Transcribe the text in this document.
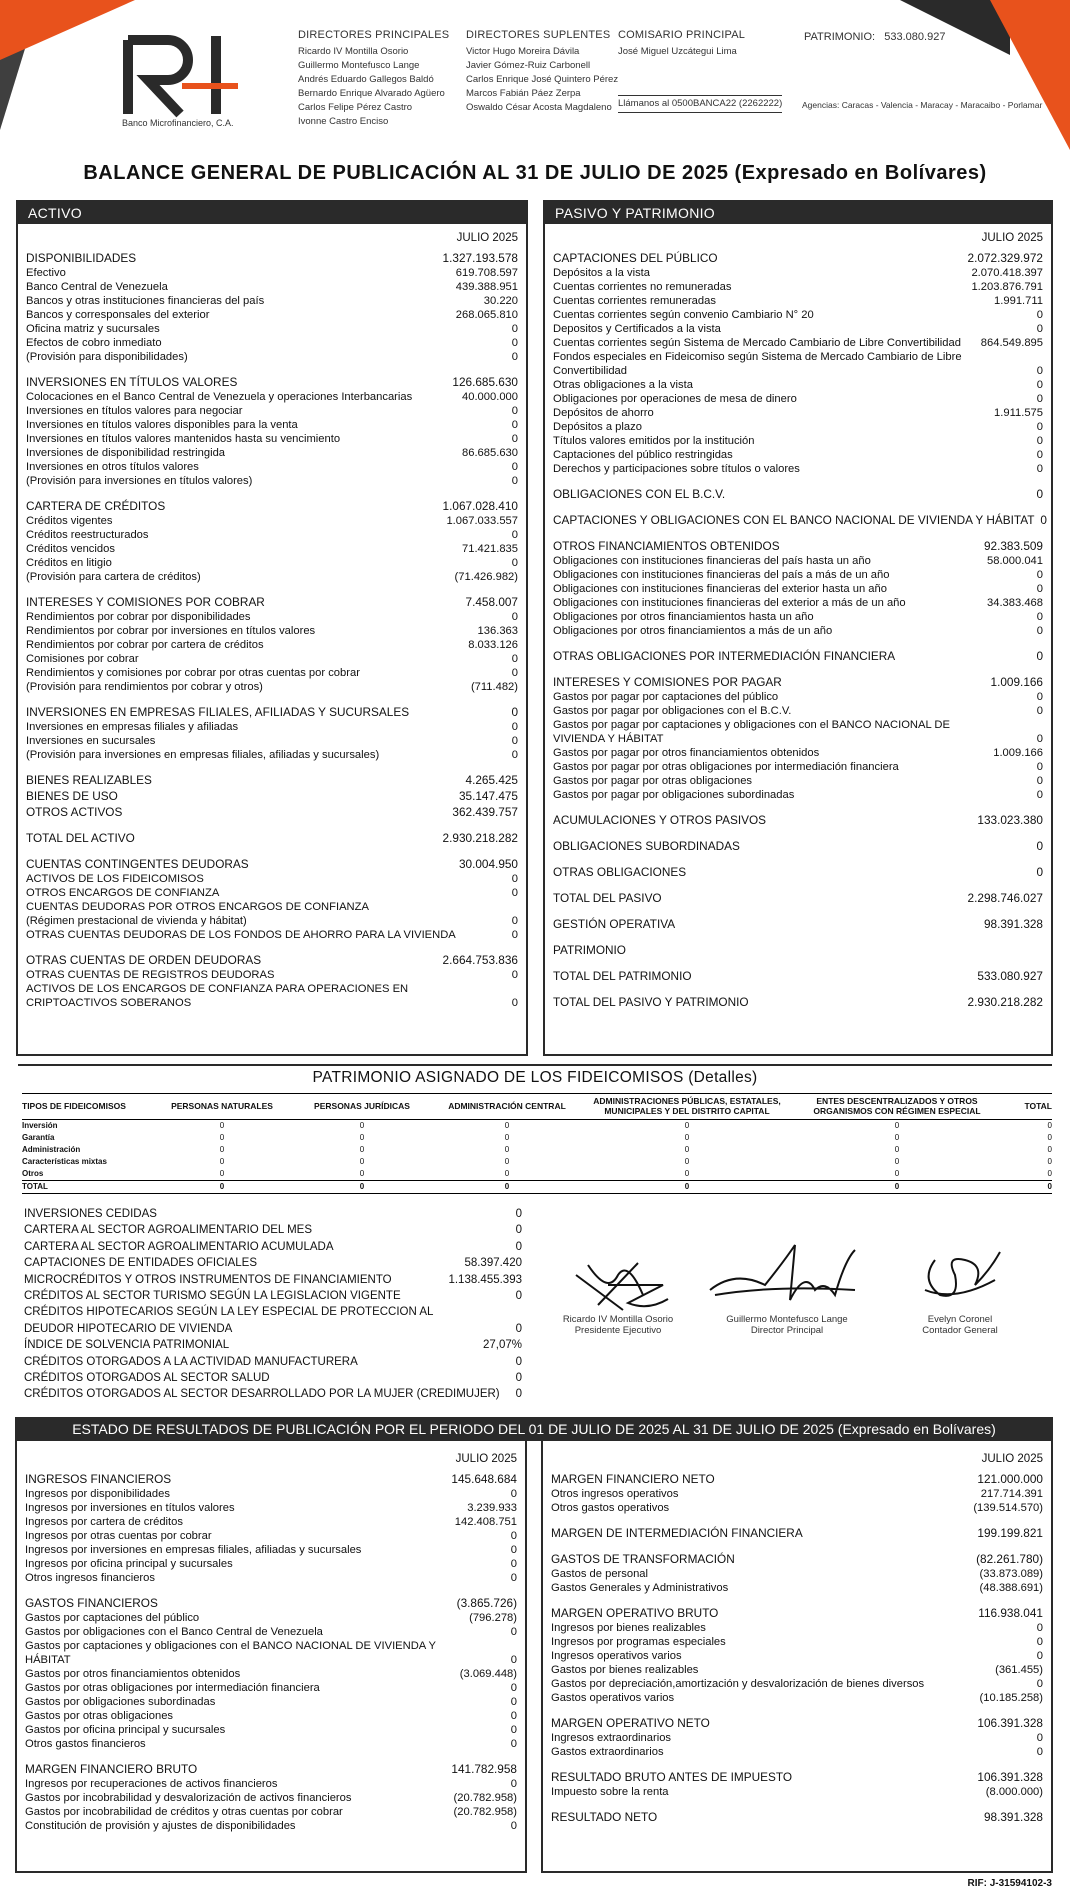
Banco Microfinanciero, C.A.
DIRECTORES PRINCIPALES
Ricardo IV Montilla Osorio
Guillermo Montefusco Lange
Andrés Eduardo Gallegos Baldó
Bernardo Enrique Alvarado Agüero
Carlos Felipe Pérez Castro
Ivonne Castro Enciso
DIRECTORES SUPLENTES
Victor Hugo Moreira Dávila
Javier Gómez-Ruiz Carbonell
Carlos Enrique José Quintero Pérez
Marcos Fabián Páez Zerpa
Oswaldo César Acosta Magdaleno
COMISARIO PRINCIPAL
José Miguel Uzcátegui Lima
Llámanos al 0500BANCA22 (2262222)
PATRIMONIO: 533.080.927
Agencias: Caracas - Valencia - Maracay - Maracaibo - Porlamar
BALANCE GENERAL DE PUBLICACIÓN AL 31 DE JULIO DE 2025 (Expresado en Bolívares)
ACTIVO
JULIO 2025
DISPONIBILIDADES	1.327.193.578
Efectivo	619.708.597
Banco Central de Venezuela	439.388.951
Bancos y otras instituciones financieras del país	30.220
Bancos y corresponsales del exterior	268.065.810
Oficina matriz y sucursales	0
Efectos de cobro inmediato	0
(Provisión para disponibilidades)	0
INVERSIONES EN TÍTULOS VALORES	126.685.630
Colocaciones en el Banco Central de Venezuela y operaciones Interbancarias	40.000.000
Inversiones en títulos valores para negociar	0
Inversiones en títulos valores disponibles para la venta	0
Inversiones en títulos valores mantenidos hasta su vencimiento	0
Inversiones de disponibilidad restringida	86.685.630
Inversiones en otros títulos valores	0
(Provisión para inversiones en títulos valores)	0
CARTERA DE CRÉDITOS	1.067.028.410
Créditos vigentes	1.067.033.557
Créditos reestructurados	0
Créditos vencidos	71.421.835
Créditos en litigio	0
(Provisión para cartera de créditos)	(71.426.982)
INTERESES Y COMISIONES POR COBRAR	7.458.007
Rendimientos por cobrar por disponibilidades	0
Rendimientos por cobrar por inversiones en títulos valores	136.363
Rendimientos por cobrar por cartera de créditos	8.033.126
Comisiones por cobrar	0
Rendimientos y comisiones por cobrar por otras cuentas por cobrar	0
(Provisión para rendimientos por cobrar y otros)	(711.482)
INVERSIONES EN EMPRESAS FILIALES, AFILIADAS Y SUCURSALES	0
Inversiones en empresas filiales y afiliadas	0
Inversiones en sucursales	0
(Provisión para inversiones en empresas filiales, afiliadas y sucursales)	0
BIENES REALIZABLES	4.265.425
BIENES DE USO	35.147.475
OTROS ACTIVOS	362.439.757
TOTAL DEL ACTIVO	2.930.218.282
CUENTAS CONTINGENTES DEUDORAS	30.004.950
ACTIVOS DE LOS FIDEICOMISOS	0
OTROS ENCARGOS DE CONFIANZA	0
CUENTAS DEUDORAS POR OTROS ENCARGOS DE CONFIANZA
(Régimen prestacional de vivienda y hábitat)	0
OTRAS CUENTAS DEUDORAS DE LOS FONDOS DE AHORRO PARA LA VIVIENDA	0
OTRAS CUENTAS DE ORDEN DEUDORAS	2.664.753.836
OTRAS CUENTAS DE REGISTROS DEUDORAS	0
ACTIVOS DE LOS ENCARGOS DE CONFIANZA PARA OPERACIONES EN
CRIPTOACTIVOS SOBERANOS	0
PASIVO Y PATRIMONIO
JULIO 2025
CAPTACIONES DEL PÚBLICO	2.072.329.972
Depósitos a la vista	2.070.418.397
Cuentas corrientes no remuneradas	1.203.876.791
Cuentas corrientes remuneradas	1.991.711
Cuentas corrientes según convenio Cambiario N° 20	0
Depositos y Certificados a la vista	0
Cuentas corrientes según Sistema de Mercado Cambiario de Libre Convertibilidad	864.549.895
Fondos especiales en Fideicomiso según Sistema de Mercado Cambiario de Libre
Convertibilidad	0
Otras obligaciones a la vista	0
Obligaciones por operaciones de mesa de dinero	0
Depósitos de ahorro	1.911.575
Depósitos a plazo	0
Títulos valores emitidos por la institución	0
Captaciones del público restringidas	0
Derechos y participaciones sobre títulos o valores	0
OBLIGACIONES CON EL B.C.V.	0
CAPTACIONES Y OBLIGACIONES CON EL BANCO NACIONAL DE VIVIENDA Y HÁBITAT 0
OTROS FINANCIAMIENTOS OBTENIDOS	92.383.509
Obligaciones con instituciones financieras del país hasta un año	58.000.041
Obligaciones con instituciones financieras del país a más de un año	0
Obligaciones con instituciones financieras del exterior hasta un año	0
Obligaciones con instituciones financieras del exterior a más de un año	34.383.468
Obligaciones por otros financiamientos hasta un año	0
Obligaciones por otros financiamientos a más de un año	0
OTRAS OBLIGACIONES POR INTERMEDIACIÓN FINANCIERA	0
INTERESES Y COMISIONES POR PAGAR	1.009.166
Gastos por pagar por captaciones del público	0
Gastos por pagar por obligaciones con el B.C.V.	0
Gastos por pagar por captaciones y obligaciones con el BANCO NACIONAL DE
VIVIENDA Y HÁBITAT	0
Gastos por pagar por otros financiamientos obtenidos	1.009.166
Gastos por pagar por otras obligaciones por intermediación financiera	0
Gastos por pagar por otras obligaciones	0
Gastos por pagar por obligaciones subordinadas	0
ACUMULACIONES Y OTROS PASIVOS	133.023.380
OBLIGACIONES SUBORDINADAS	0
OTRAS OBLIGACIONES	0
TOTAL DEL PASIVO	2.298.746.027
GESTIÓN OPERATIVA	98.391.328
PATRIMONIO
TOTAL DEL PATRIMONIO	533.080.927
TOTAL DEL PASIVO Y PATRIMONIO	2.930.218.282
PATRIMONIO ASIGNADO DE LOS FIDEICOMISOS (Detalles)
TIPOS DE FIDEICOMISOS	PERSONAS NATURALES	PERSONAS JURÍDICAS	ADMINISTRACIÓN CENTRAL	ADMINISTRACIONES PÚBLICAS, ESTATALES, MUNICIPALES Y DEL DISTRITO CAPITAL	ENTES DESCENTRALIZADOS Y OTROS ORGANISMOS CON RÉGIMEN ESPECIAL	TOTAL
Inversión	0	0	0	0	0	0
Garantía	0	0	0	0	0	0
Administración	0	0	0	0	0	0
Características mixtas	0	0	0	0	0	0
Otros	0	0	0	0	0	0
TOTAL	0	0	0	0	0	0
INVERSIONES CEDIDAS	0
CARTERA AL SECTOR AGROALIMENTARIO DEL MES	0
CARTERA AL SECTOR AGROALIMENTARIO ACUMULADA	0
CAPTACIONES DE ENTIDADES OFICIALES	58.397.420
MICROCRÉDITOS Y OTROS INSTRUMENTOS DE FINANCIAMIENTO	1.138.455.393
CRÉDITOS AL SECTOR TURISMO SEGÚN LA LEGISLACION VIGENTE	0
CRÉDITOS HIPOTECARIOS SEGÚN LA LEY ESPECIAL DE PROTECCION AL
DEUDOR HIPOTECARIO DE VIVIENDA	0
ÍNDICE DE SOLVENCIA PATRIMONIAL	27,07%
CRÉDITOS OTORGADOS A LA ACTIVIDAD MANUFACTURERA	0
CRÉDITOS OTORGADOS AL SECTOR SALUD	0
CRÉDITOS OTORGADOS AL SECTOR DESARROLLADO POR LA MUJER (CREDIMUJER)	0
Ricardo IV Montilla Osorio
Presidente Ejecutivo
Guillermo Montefusco Lange
Director Principal
Evelyn Coronel
Contador General
ESTADO DE RESULTADOS DE PUBLICACIÓN POR EL PERIODO DEL 01 DE JULIO DE 2025 AL 31 DE JULIO DE 2025 (Expresado en Bolívares)
JULIO 2025
INGRESOS FINANCIEROS	145.648.684
Ingresos por disponibilidades	0
Ingresos por inversiones en títulos valores	3.239.933
Ingresos por cartera de créditos	142.408.751
Ingresos por otras cuentas por cobrar	0
Ingresos por inversiones en empresas filiales, afiliadas y sucursales	0
Ingresos por oficina principal y sucursales	0
Otros ingresos financieros	0
GASTOS FINANCIEROS	(3.865.726)
Gastos por captaciones del público	(796.278)
Gastos por obligaciones con el Banco Central de Venezuela	0
Gastos por captaciones y obligaciones con el BANCO NACIONAL DE VIVIENDA Y
HÁBITAT	0
Gastos por otros financiamientos obtenidos	(3.069.448)
Gastos por otras obligaciones por intermediación financiera	0
Gastos por obligaciones subordinadas	0
Gastos por otras obligaciones	0
Gastos por oficina principal y sucursales	0
Otros gastos financieros	0
MARGEN FINANCIERO BRUTO	141.782.958
Ingresos por recuperaciones de activos financieros	0
Gastos por incobrabilidad y desvalorización de activos financieros	(20.782.958)
Gastos por incobrabilidad de créditos y otras cuentas por cobrar	(20.782.958)
Constitución de provisión y ajustes de disponibilidades	0
JULIO 2025
MARGEN FINANCIERO NETO	121.000.000
Otros ingresos operativos	217.714.391
Otros gastos operativos	(139.514.570)
MARGEN DE INTERMEDIACIÓN FINANCIERA	199.199.821
GASTOS DE TRANSFORMACIÓN	(82.261.780)
Gastos de personal	(33.873.089)
Gastos Generales y Administrativos	(48.388.691)
MARGEN OPERATIVO BRUTO	116.938.041
Ingresos por bienes realizables	0
Ingresos por programas especiales	0
Ingresos operativos varios	0
Gastos por bienes realizables	(361.455)
Gastos por depreciación,amortización y desvalorización de bienes diversos	0
Gastos operativos varios	(10.185.258)
MARGEN OPERATIVO NETO	106.391.328
Ingresos extraordinarios	0
Gastos extraordinarios	0
RESULTADO BRUTO ANTES DE IMPUESTO	106.391.328
Impuesto sobre la renta	(8.000.000)
RESULTADO NETO	98.391.328
RIF: J-31594102-3
